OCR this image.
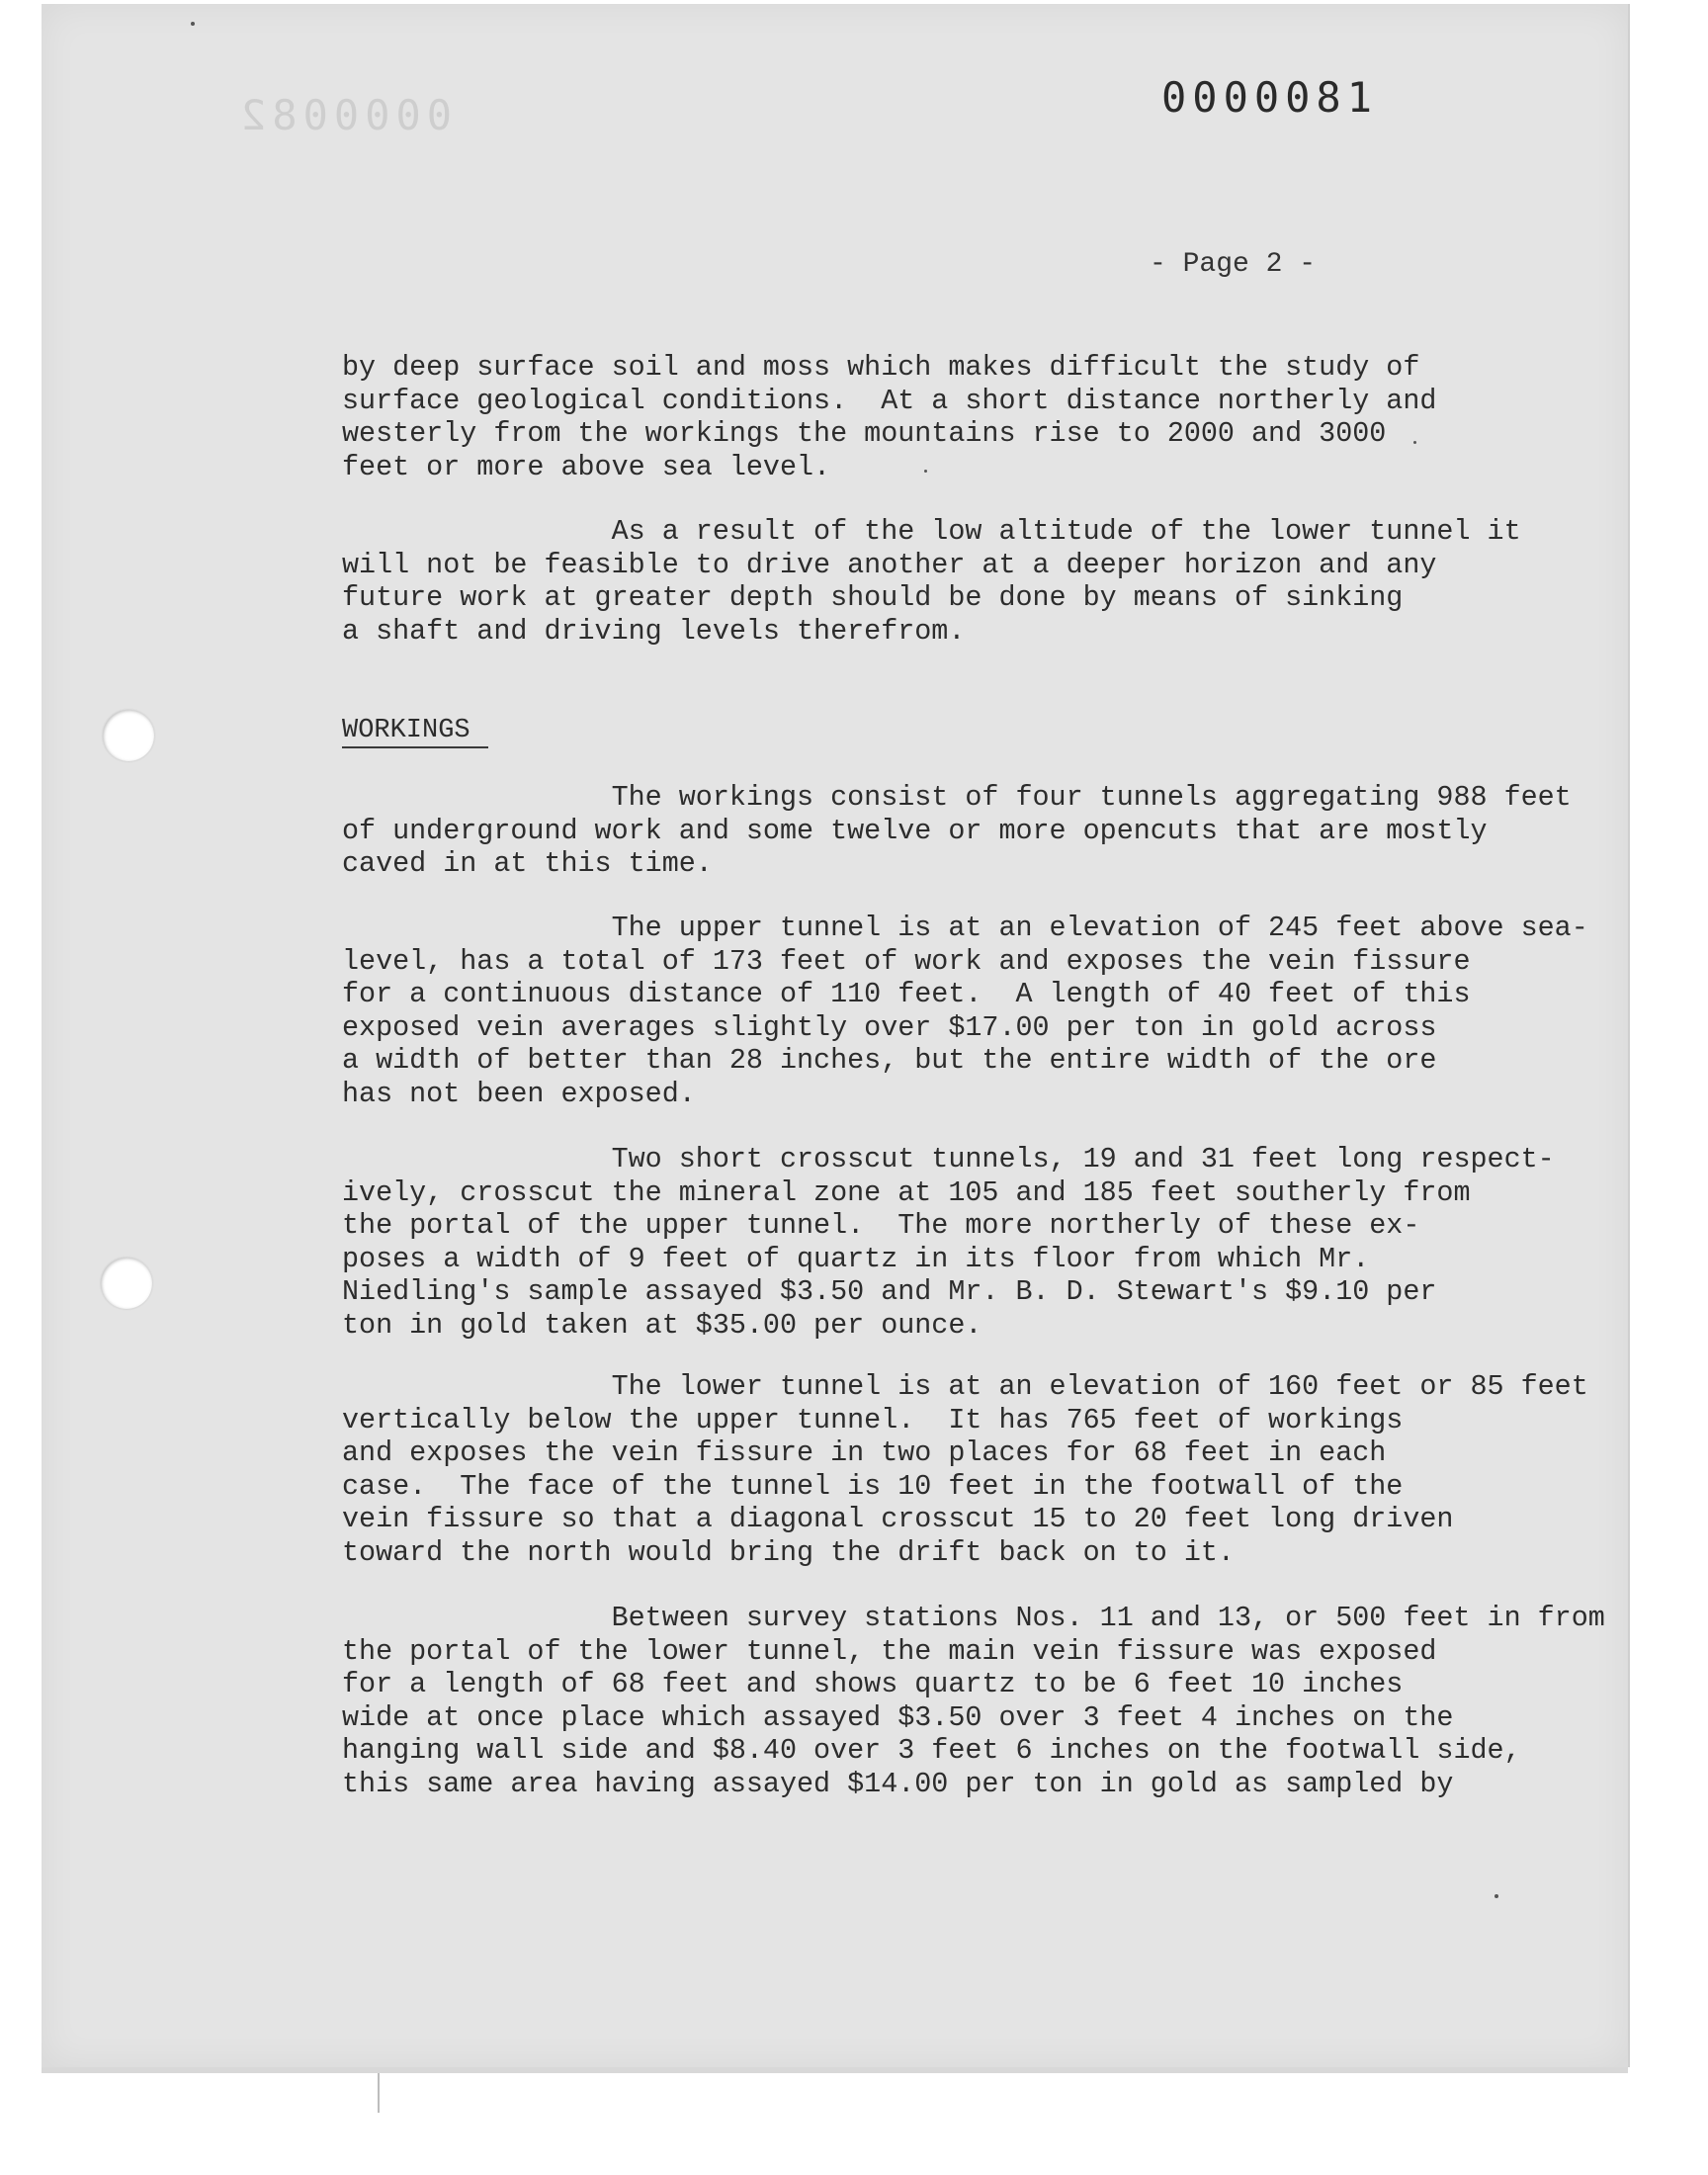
0000082	0000081
- Page 2 -
by deep surface soil and moss which makes difficult the study of
surface geological conditions.  At a short distance northerly and
westerly from the workings the mountains rise to 2000 and 3000
feet or more above sea level.
As a result of the low altitude of the lower tunnel it
will not be feasible to drive another at a deeper horizon and any
future work at greater depth should be done by means of sinking
a shaft and driving levels therefrom.
WORKINGS
The workings consist of four tunnels aggregating 988
of underground work and some twelve or more opencuts that are mostly
caved in at this time.
The upper tunnel is at an elevation of 245 feet above
level, has a total of 173 feet of work and exposes the vein fissure
for a continuous distance of 110 feet.  A length of 40 feet of this
exposed vein averages slightly over $17.00 per ton in gold across
a width of better than 28 inches, but the entire width of the ore
has not been exposed.
Two short crosscut tunnels, 19 and 31 feet long respect-
ively, crosscut the mineral zone at 105 and 185 feet southerly from
the portal of the upper tunnel.  The more northerly of these ex-
poses a width of 9 feet of quartz in its floor from which Mr.
Niedling's sample assayed $3.50 and Mr. B. D. Stewart's $9.10 per
ton in gold taken at $35.00 per ounce.
The lower tunnel is at an elevation of 160 feet or 85
vertically below the upper tunnel.  It has 765 feet of workings
and exposes the vein fissure in two places for 68 feet in each
case.  The face of the tunnel is 10 feet in the footwall of the
vein fissure so that a diagonal crosscut 15 to 20 feet long driven
toward the north would bring the drift back on to it.
Between survey stations Nos. 11 and 13, or 500 feet in
the portal of the lower tunnel, the main vein fissure was exposed
for a length of 68 feet and shows quartz to be 6 feet 10 inches
wide at once place which assayed $3.50 over 3 feet 4 inches on the
hanging wall side and $8.40 over 3 feet 6 inches on the footwall side,
this same area having assayed $14.00 per ton in gold as sampled by
